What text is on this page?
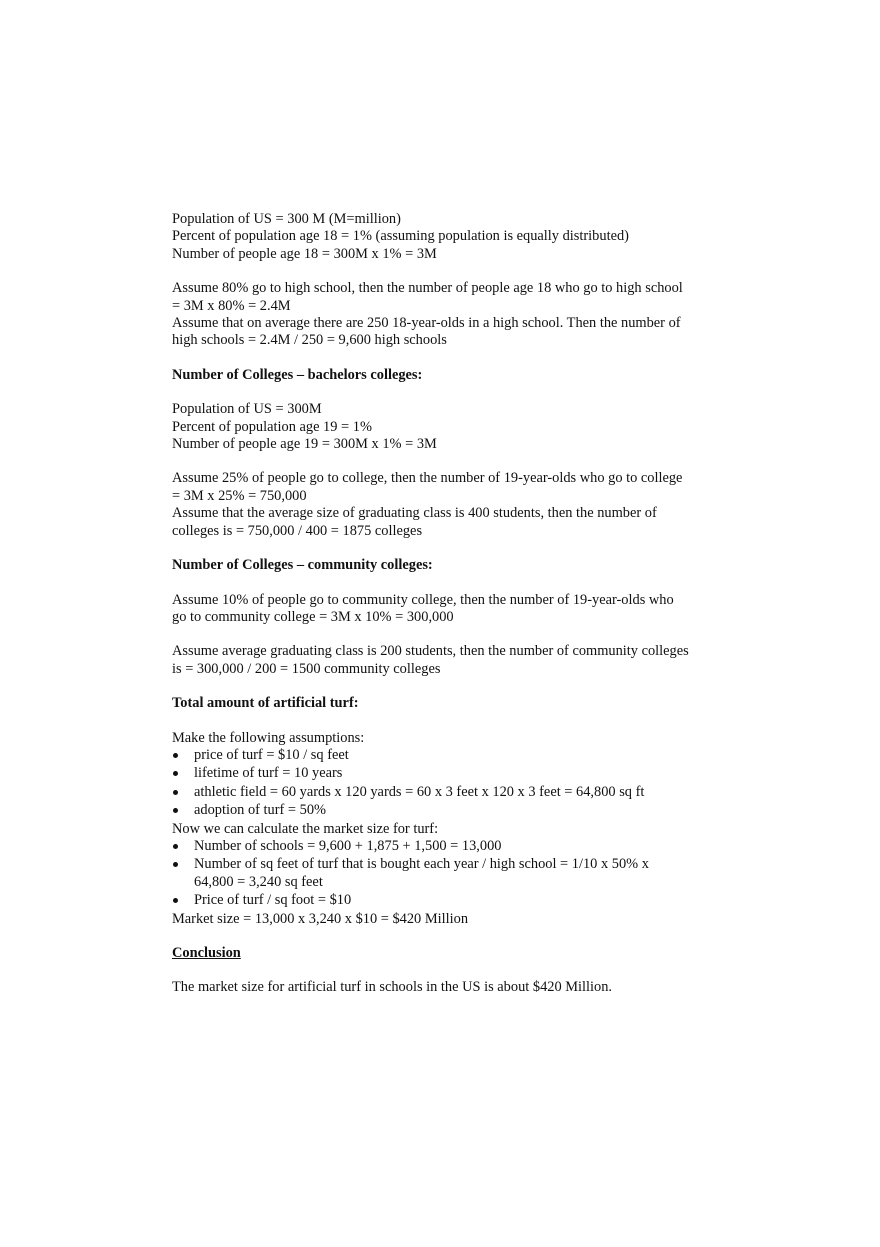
Population of US = 300 M (M=million)
Percent of population age 18 = 1% (assuming population is equally distributed)
Number of people age 18 = 300M x 1% = 3M
Assume 80% go to high school, then the number of people age 18 who go to high school
= 3M x 80% = 2.4M
Assume that on average there are 250 18-year-olds in a high school. Then the number of
high schools = 2.4M / 250 = 9,600 high schools
Number of Colleges – bachelors colleges:
Population of US = 300M
Percent of population age 19 = 1%
Number of people age 19 = 300M x 1% = 3M
Assume 25% of people go to college, then the number of 19-year-olds who go to college
= 3M x 25% = 750,000
Assume that the average size of graduating class is 400 students, then the number of
colleges is = 750,000 / 400 = 1875 colleges
Number of Colleges – community colleges:
Assume 10% of people go to community college, then the number of 19-year-olds who
go to community college = 3M x 10% = 300,000
Assume average graduating class is 200 students, then the number of community colleges
is = 300,000 / 200 = 1500 community colleges
Total amount of artificial turf:
Make the following assumptions:
price of turf = $10 / sq feet
lifetime of turf = 10 years
athletic field = 60 yards x 120 yards = 60 x 3 feet x 120 x 3 feet = 64,800 sq ft
adoption of turf = 50%
Now we can calculate the market size for turf:
Number of schools = 9,600 + 1,875 + 1,500 = 13,000
Number of sq feet of turf that is bought each year / high school = 1/10 x 50% x
64,800 = 3,240 sq feet
Price of turf / sq foot = $10
Market size = 13,000 x 3,240 x $10 = $420 Million
Conclusion
The market size for artificial turf in schools in the US is about $420 Million.
